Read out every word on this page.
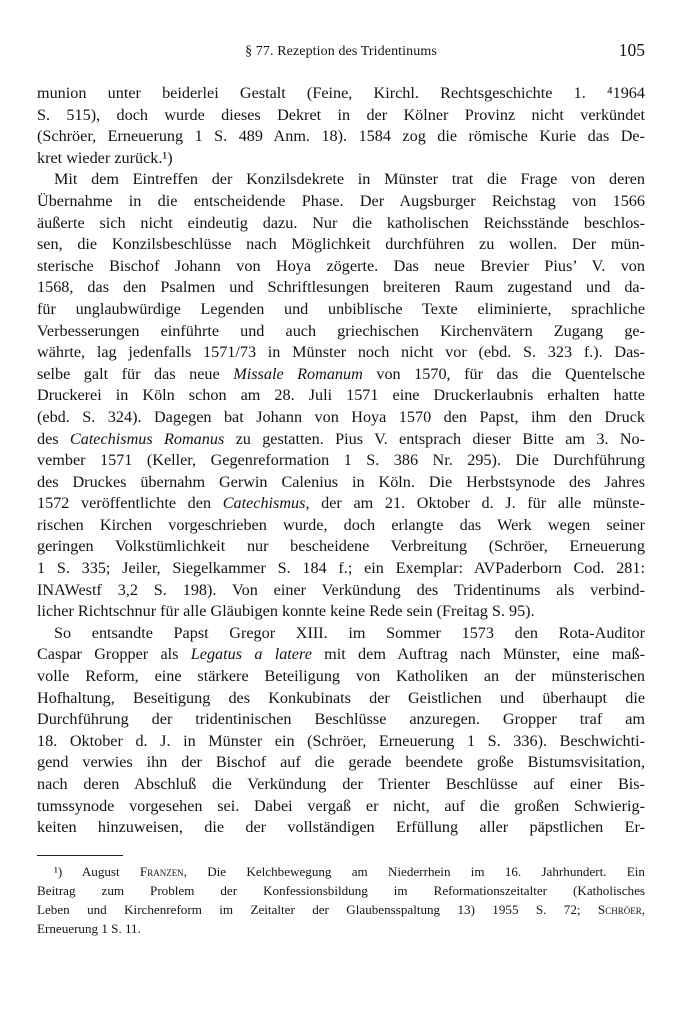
§ 77. Rezeption des Tridentinums	105
munion unter beiderlei Gestalt (Feine, Kirchl. Rechtsgeschichte 1. ⁴1964
S. 515), doch wurde dieses Dekret in der Kölner Provinz nicht verkündet
(Schröer, Erneuerung 1 S. 489 Anm. 18). 1584 zog die römische Kurie das De-
kret wieder zurück.¹)
Mit dem Eintreffen der Konzilsdekrete in Münster trat die Frage von deren
Übernahme in die entscheidende Phase. Der Augsburger Reichstag von 1566
äußerte sich nicht eindeutig dazu. Nur die katholischen Reichsstände beschlos-
sen, die Konzilsbeschlüsse nach Möglichkeit durchführen zu wollen. Der mün-
sterische Bischof Johann von Hoya zögerte. Das neue Brevier Pius’ V. von
1568, das den Psalmen und Schriftlesungen breiteren Raum zugestand und da-
für unglaubwürdige Legenden und unbiblische Texte eliminierte, sprachliche
Verbesserungen einführte und auch griechischen Kirchenvätern Zugang ge-
währte, lag jedenfalls 1571/73 in Münster noch nicht vor (ebd. S. 323 f.). Das-
selbe galt für das neue Missale Romanum von 1570, für das die Quentelsche
Druckerei in Köln schon am 28. Juli 1571 eine Druckerlaubnis erhalten hatte
(ebd. S. 324). Dagegen bat Johann von Hoya 1570 den Papst, ihm den Druck
des Catechismus Romanus zu gestatten. Pius V. entsprach dieser Bitte am 3. No-
vember 1571 (Keller, Gegenreformation 1 S. 386 Nr. 295). Die Durchführung
des Druckes übernahm Gerwin Calenius in Köln. Die Herbstsynode des Jahres
1572 veröffentlichte den Catechismus, der am 21. Oktober d. J. für alle münste-
rischen Kirchen vorgeschrieben wurde, doch erlangte das Werk wegen seiner
geringen Volkstümlichkeit nur bescheidene Verbreitung (Schröer, Erneuerung
1 S. 335; Jeiler, Siegelkammer S. 184 f.; ein Exemplar: AVPaderborn Cod. 281:
INAWestf 3,2 S. 198). Von einer Verkündung des Tridentinums als verbind-
licher Richtschnur für alle Gläubigen konnte keine Rede sein (Freitag S. 95).
So entsandte Papst Gregor XIII. im Sommer 1573 den Rota-Auditor
Caspar Gropper als Legatus a latere mit dem Auftrag nach Münster, eine maß-
volle Reform, eine stärkere Beteiligung von Katholiken an der münsterischen
Hofhaltung, Beseitigung des Konkubinats der Geistlichen und überhaupt die
Durchführung der tridentinischen Beschlüsse anzuregen. Gropper traf am
18. Oktober d. J. in Münster ein (Schröer, Erneuerung 1 S. 336). Beschwichti-
gend verwies ihn der Bischof auf die gerade beendete große Bistumsvisitation,
nach deren Abschluß die Verkündung der Trienter Beschlüsse auf einer Bis-
tumssynode vorgesehen sei. Dabei vergaß er nicht, auf die großen Schwierig-
keiten hinzuweisen, die der vollständigen Erfüllung aller päpstlichen Er-
¹) August Franzen, Die Kelchbewegung am Niederrhein im 16. Jahrhundert. Ein
Beitrag zum Problem der Konfessionsbildung im Reformationszeitalter (Katholisches
Leben und Kirchenreform im Zeitalter der Glaubensspaltung 13) 1955 S. 72; Schröer,
Erneuerung 1 S. 11.
